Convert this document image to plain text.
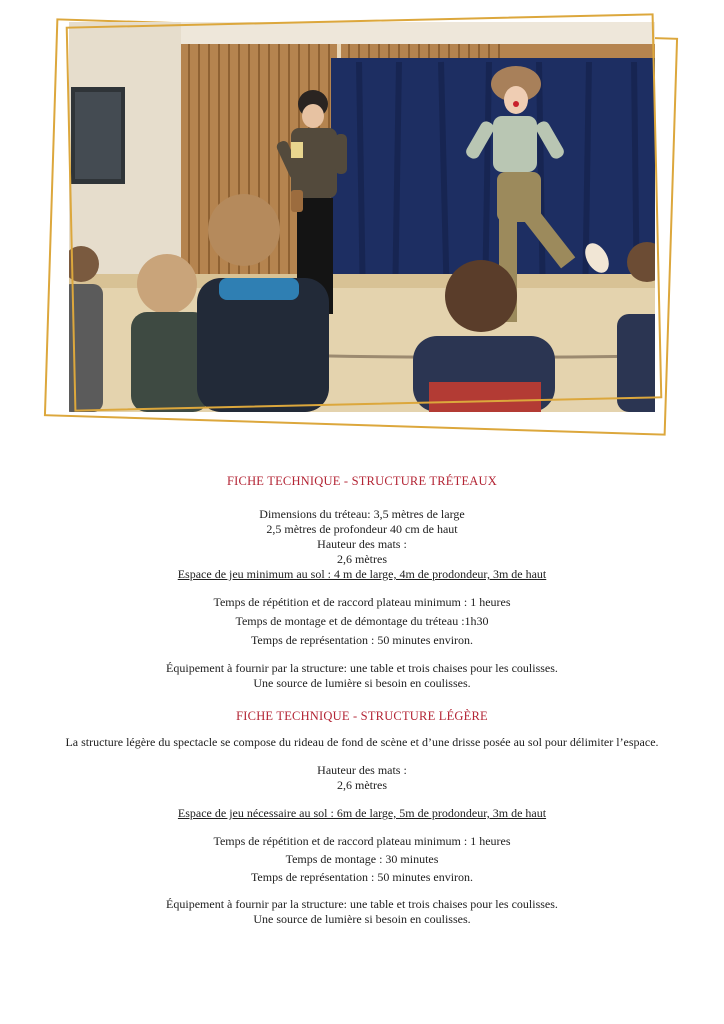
FICHE TECHNIQUE - STRUCTURE TRÉTEAUX

Dimensions du tréteau: 3,5 mètres de large

2,5 mètres de profondeur 40 cm de haut

Hauteur des mats :

2,6 mètres

Espace de jeu minimum au sol : 4 m de large, 4m de prodondeur, 3m de haut

Temps de répétition et de raccord plateau minimum : 1 heures

Temps de montage et de démontage du tréteau :1h30

Temps de représentation : 50 minutes environ.

Équipement à fournir par la structure: une table et trois chaises pour les coulisses.

Une source de lumière si besoin en coulisses.

FICHE TECHNIQUE - STRUCTURE LÉGÈRE

La structure légère du spectacle se compose du rideau de fond de scène et d’une drisse posée au sol pour délimiter l’espace.

Hauteur des mats :

2,6 mètres

Espace de jeu nécessaire au sol : 6m de large, 5m de prodondeur, 3m de haut

Temps de répétition et de raccord plateau minimum : 1 heures

Temps de montage : 30 minutes

Temps de représentation : 50 minutes environ.

Équipement à fournir par la structure: une table et trois chaises pour les coulisses.

Une source de lumière si besoin en coulisses.
